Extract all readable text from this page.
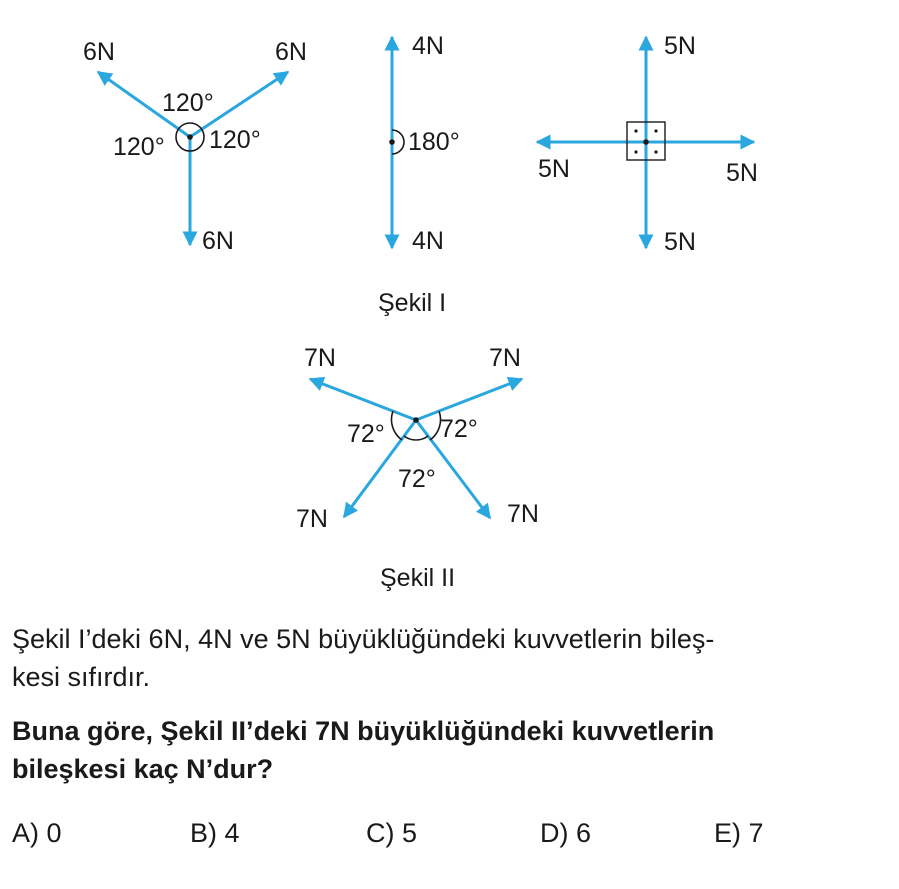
6N	6N
6N
120°
120° 120°
4N
4N
180°
5N
5N	5N
5N
Şekil I
7N	7N
7N	7N
72° 72°
72°
Şekil II
Şekil I’deki 6N, 4N ve 5N büyüklüğündeki kuvvetlerin bileş-
kesi sıfırdır.
Buna göre, Şekil II’deki 7N büyüklüğündeki kuvvetlerin
bileşkesi kaç N’dur?
A) 0	B) 4	C) 5	D) 6	E) 7
